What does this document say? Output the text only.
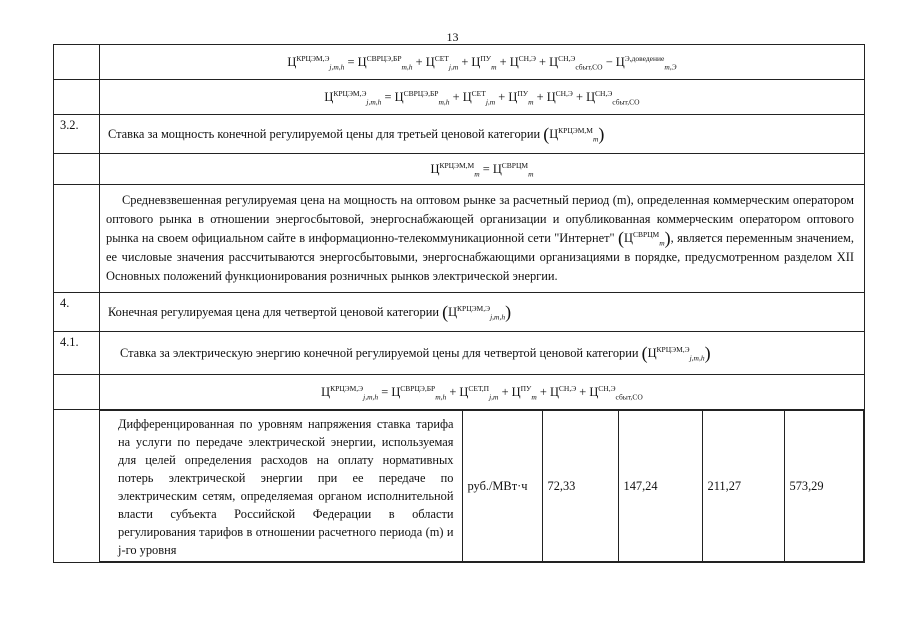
13
	$Ц^{КРЦЭМ,Э}_{j,m,h} = Ц^{СВРЦЭ,БР}_{m,h} + Ц^{СЕТ}_{j,m} + Ц^{ПУ}_m + Ц^{СН,Э} + Ц^{СН,Э}_{сбыт,СО} - Ц^{Э,доведение}_{m,Э}$
	$Ц^{КРЦЭМ,Э}_{j,m,h} = Ц^{СВРЦЭ,БР}_{m,h} + Ц^{СЕТ}_{j,m} + Ц^{ПУ}_m + Ц^{СН,Э} + Ц^{СН,Э}_{сбыт,СО}$
3.2.	Ставка за мощность конечной регулируемой цены для третьей ценовой категории $(Ц^{КРЦЭМ,М}_m)$
	$Ц^{КРЦЭМ,М}_m = Ц^{СВРЦМ}_m$
	Средневзвешенная регулируемая цена на мощность на оптовом рынке за расчетный период (m), определенная коммерческим оператором оптового рынка в отношении энергосбытовой, энергоснабжающей организации и опубликованная коммерческим оператором оптового рынка на своем официальном сайте в информационно-телекоммуникационной сети "Интернет" $(Ц^{СВРЦМ}_m)$, является переменным значением, ее числовые значения рассчитываются энергосбытовыми, энергоснабжающими организациями в порядке, предусмотренном разделом XII Основных положений функционирования розничных рынков электрической энергии.
4.	Конечная регулируемая цена для четвертой ценовой категории $(Ц^{КРЦЭМ,Э}_{j,m,h})$
4.1.	Ставка за электрическую энергию конечной регулируемой цены для четвертой ценовой категории $(Ц^{КРЦЭМ,Э}_{j,m,h})$
	$Ц^{КРЦЭМ,Э}_{j,m,h} = Ц^{СВРЦЭ,БР}_{m,h} + Ц^{СЕТ,П}_{j,m} + Ц^{ПУ}_m + Ц^{СН,Э} + Ц^{СН,Э}_{сбыт,СО}$

Дифференцированная по уровням напряжения ставка тарифа на услуги по передаче электрической энергии, используемая для целей определения расходов на оплату нормативных потерь электрической энергии при ее передаче по электрическим сетям, определяемая органом исполнительной власти субъекта Российской Федерации в области регулирования тарифов в отношении расчетного периода (m) и j-го уровня	руб./МВт·ч	72,33	147,24	211,27	573,29
